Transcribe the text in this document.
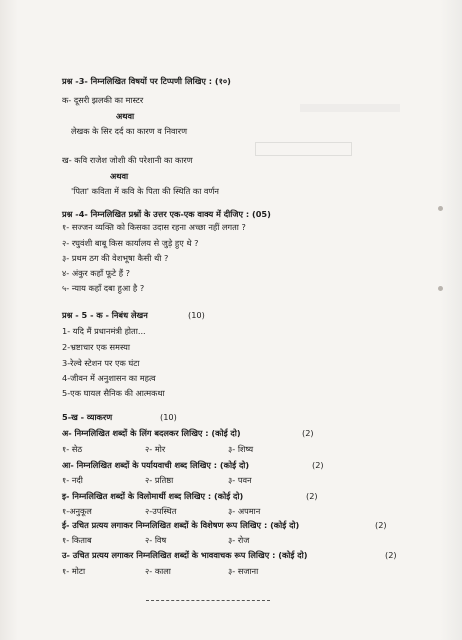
प्रश्न -3- निम्नलिखित विषयों पर टिप्पणी लिखिए : (१०)
क- दूसरी झलकी का मास्टर
अथवा
लेखक के सिर दर्द का कारण व निवारण
ख- कवि राजेश जोशी की परेशानी का कारण
अथवा
'पिता' कविता में कवि के पिता की स्थिति का वर्णन
प्रश्न -4- निम्नलिखित प्रश्नों के उत्तर एक-एक वाक्य में दीजिए : (05)
१- सज्जन व्यक्ति को किसका उदास रहना अच्छा नहीं लगता ?
२- रघुवंशी बाबू किस कार्यालय से जुड़े हुए थे ?
३- प्रथम ठग की वेशभूषा कैसी थी ?
४- अंकुर कहाँ फूटे हैं ?
५- न्याय कहाँ दबा हुआ है ?
प्रश्न - 5 - क - निबंध लेखन	(10)
1- यदि मैं प्रधानमंत्री होता...
2-भ्रष्टाचार एक समस्या
3-रेल्वे स्टेशन पर एक घंटा
4-जीवन में अनुशासन का महत्व
5-एक घायल सैनिक की आत्मकथा
5-ख - व्याकरण	(10)
अ- निम्नलिखित शब्दों के लिंग बदलकर लिखिए : (कोई दो)	(2)
१- सेठ	२- मोर	३- शिष्य
आ- निम्नलिखित शब्दों के पर्यायवाची शब्द लिखिए : (कोई दो)	(2)
१- नदी	२- प्रतिष्ठा	३- पवन
इ- निम्नलिखित शब्दों के विलोमार्थी शब्द लिखिए : (कोई दो)	(2)
१-अनुकूल	२-उपस्थित	३- अपमान
ई- उचित प्रत्यय लगाकर निम्नलिखित शब्दों के विशेषण रूप लिखिए : (कोई दो)	(2)
१- किताब	२- विष	३- रोज
उ- उचित प्रत्यय लगाकर निम्नलिखित शब्दों के भाववाचक रूप लिखिए : (कोई दो)	(2)
१- मोटा	२- काला	३- सजाना
